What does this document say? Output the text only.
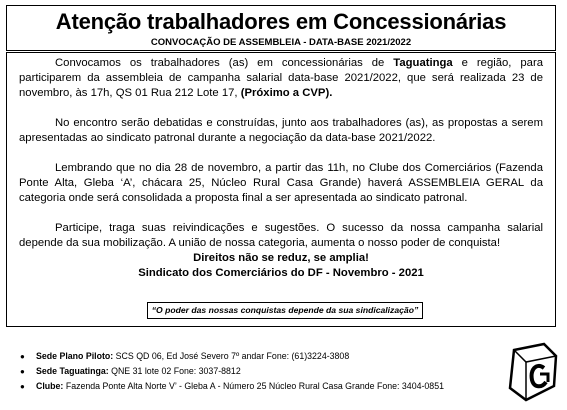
Atenção trabalhadores em Concessionárias
CONVOCAÇÃO DE ASSEMBLEIA - DATA-BASE 2021/2022

Convocamos os trabalhadores (as) em concessionárias de Taguatinga e região, para participarem da assembleia de campanha salarial data-base 2021/2022, que será realizada 23 de novembro, às 17h, QS 01 Rua 212 Lote 17, (Próximo a CVP).

No encontro serão debatidas e construídas, junto aos trabalhadores (as), as propostas a serem apresentadas ao sindicato patronal durante a negociação da data-base 2021/2022.

Lembrando que no dia 28 de novembro, a partir das 11h, no Clube dos Comerciários (Fazenda Ponte Alta, Gleba ‘A’, chácara 25, Núcleo Rural Casa Grande) haverá ASSEMBLEIA GERAL da categoria onde será consolidada a proposta final a ser apresentada ao sindicato patronal.

Participe, traga suas reivindicações e sugestões. O sucesso da nossa campanha salarial depende da sua mobilização. A união de nossa categoria, aumenta o nosso poder de conquista!

Direitos não se reduz, se amplia!

Sindicato dos Comerciários do DF - Novembro - 2021

“O poder das nossas conquistas depende da sua sindicalização”
● Sede Plano Piloto: SCS QD 06, Ed José Severo 7º andar Fone: (61)3224-3808
● Sede Taguatinga: QNE 31 lote 02 Fone: 3037-8812
● Clube: Fazenda Ponte Alta Norte V’ - Gleba A - Número 25 Núcleo Rural Casa Grande Fone: 3404-0851
